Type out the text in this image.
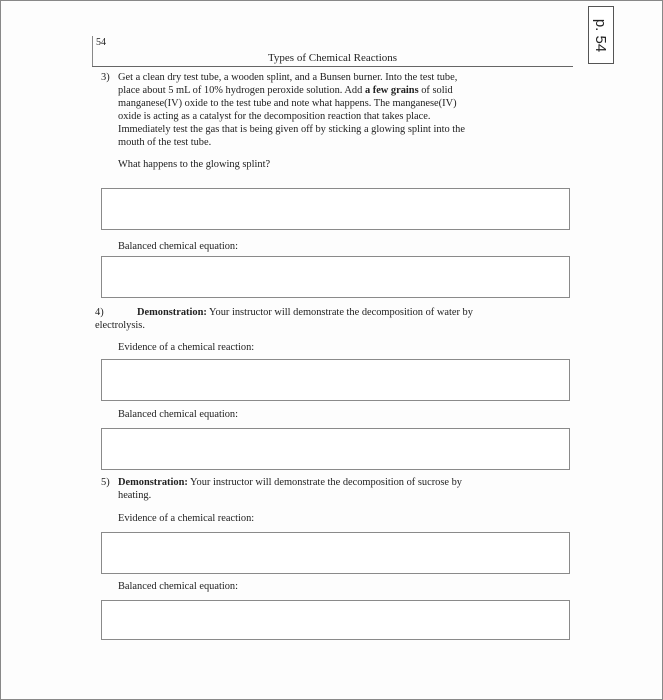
p. 54
54
Types of Chemical Reactions
3) Get a clean dry test tube, a wooden splint, and a Bunsen burner. Into the test tube,
place about 5 mL of 10% hydrogen peroxide solution. Add a few grains of solid
manganese(IV) oxide to the test tube and note what happens. The manganese(IV)
oxide is acting as a catalyst for the decomposition reaction that takes place.
Immediately test the gas that is being given off by sticking a glowing splint into the
mouth of the test tube.
What happens to the glowing splint?
Balanced chemical equation:
4)	Demonstration: Your instructor will demonstrate the decomposition of water by
electrolysis.
Evidence of a chemical reaction:
Balanced chemical equation:
5) Demonstration: Your instructor will demonstrate the decomposition of sucrose by
heating.
Evidence of a chemical reaction:
Balanced chemical equation:
